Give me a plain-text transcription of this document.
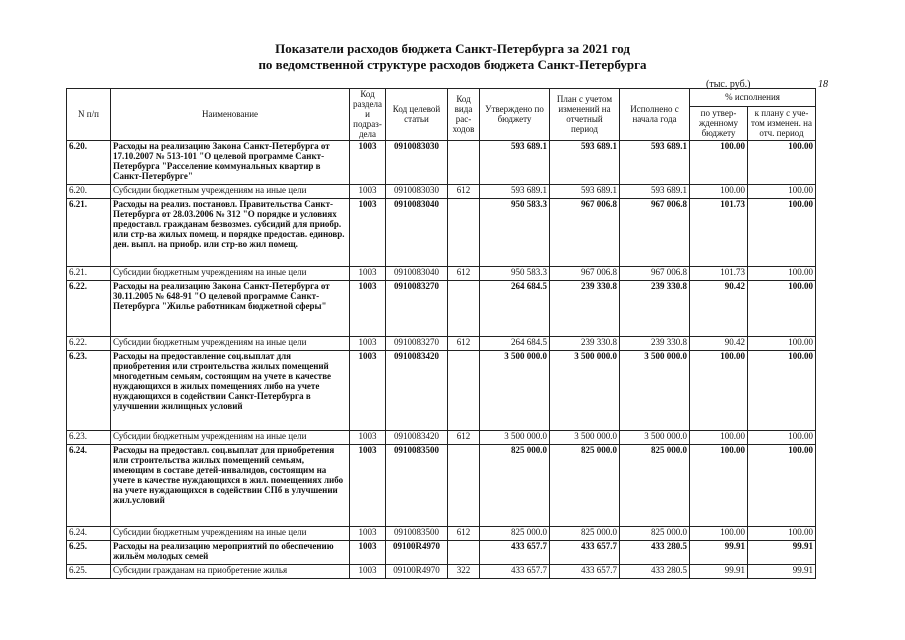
Показатели расходов бюджета Санкт-Петербурга за 2021 год
по ведомственной структуре расходов бюджета Санкт-Петербурга
(тыс. руб.)	18
N п/п	Наименование	Код раздела и подраз-дела	Код целевой статьи	Код вида рас-ходов	Утверждено по бюджету	План с учетом изменений на отчетный период	Исполнено с начала года	% исполнения	
								по утвер-жденному бюджету	к плану с уче-том изменен. на отч. период
6.20.	Расходы на реализацию Закона Санкт-Петербурга от 17.10.2007 № 513-101 "О целевой программе Санкт-Петербурга "Расселение коммунальных квартир в Санкт-Петербурге"	1003	0910083030		593 689.1	593 689.1	593 689.1	100.00	100.00
6.20.	Субсидии бюджетным учреждениям на иные цели	1003	0910083030	612	593 689.1	593 689.1	593 689.1	100.00	100.00
6.21.	Расходы на реализ. постановл. Правительства Санкт-Петербурга от 28.03.2006 № 312 "О порядке и условиях предоставл. гражданам безвозмез. субсидий для приобр. или стр-ва жилых помещ. и порядке предостав. единовр. ден. выпл. на приобр. или стр-во жил помещ.	1003	0910083040		950 583.3	967 006.8	967 006.8	101.73	100.00
6.21.	Субсидии бюджетным учреждениям на иные цели	1003	0910083040	612	950 583.3	967 006.8	967 006.8	101.73	100.00
6.22.	Расходы на реализацию Закона Санкт-Петербурга от 30.11.2005 № 648-91 "О целевой программе Санкт-Петербурга "Жилье работникам бюджетной сферы"	1003	0910083270		264 684.5	239 330.8	239 330.8	90.42	100.00
6.22.	Субсидии бюджетным учреждениям на иные цели	1003	0910083270	612	264 684.5	239 330.8	239 330.8	90.42	100.00
6.23.	Расходы на предоставление соц.выплат для приобретения или строительства жилых помещений многодетным семьям, состоящим на учете в качестве нуждающихся в жилых помещениях либо на учете нуждающихся в содействии Санкт-Петербурга в улучшении жилищных условий	1003	0910083420		3 500 000.0	3 500 000.0	3 500 000.0	100.00	100.00
6.23.	Субсидии бюджетным учреждениям на иные цели	1003	0910083420	612	3 500 000.0	3 500 000.0	3 500 000.0	100.00	100.00
6.24.	Расходы на предоставл. соц.выплат для приобретения или строительства жилых помещений семьям, имеющим в составе детей-инвалидов, состоящим на учете в качестве нуждающихся в жил. помещениях либо на учете нуждающихся в содействии СПб в улучшении жил.условий	1003	0910083500		825 000.0	825 000.0	825 000.0	100.00	100.00
6.24.	Субсидии бюджетным учреждениям на иные цели	1003	0910083500	612	825 000.0	825 000.0	825 000.0	100.00	100.00
6.25.	Расходы на реализацию мероприятий по обеспечению жильём молодых семей	1003	09100R4970		433 657.7	433 657.7	433 280.5	99.91	99.91
6.25.	Субсидии гражданам на приобретение жилья	1003	09100R4970	322	433 657.7	433 657.7	433 280.5	99.91	99.91
